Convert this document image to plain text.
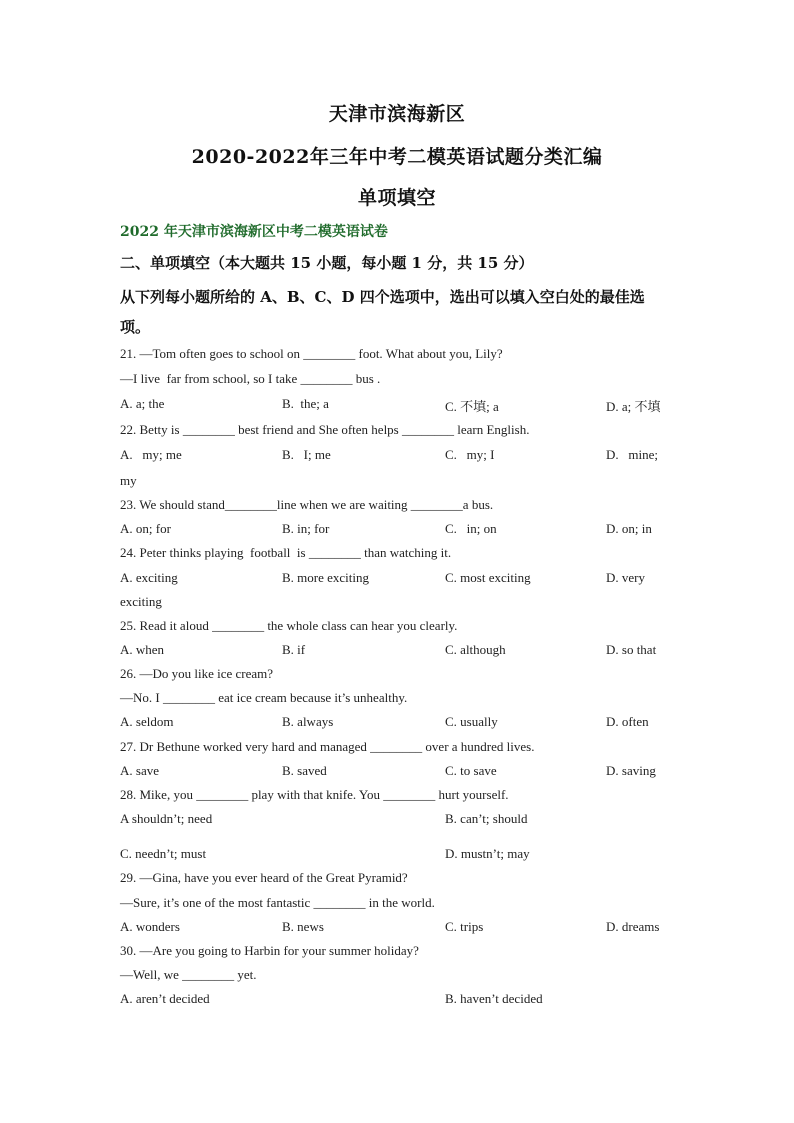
天津市滨海新区
2020-2022年三年中考二模英语试题分类汇编
单项填空
2022 年天津市滨海新区中考二模英语试卷
二、单项填空（本大题共 15 小题，每小题 1 分，共 15 分）
从下列每小题所给的 A、B、C、D 四个选项中，选出可以填入空白处的最佳选
项。
21. —Tom often goes to school on ________ foot. What about you, Lily?
—I live  far from school, so I take ________ bus .
A. a; the	B.  the; a	C. 不填; a	D. a; 不填
22. Betty is ________ best friend and She often helps ________ learn English.
A.   my; me	B.   I; me	C.   my; I	D.   mine;
my
23. We should stand________line when we are waiting ________a bus.
A. on; for	B. in; for	C.   in; on	D. on; in
24. Peter thinks playing  football  is ________ than watching it.
A. exciting	B. more exciting	C. most exciting	D. very
exciting
25. Read it aloud ________ the whole class can hear you clearly.
A. when	B. if	C. although	D. so that
26. —Do you like ice cream?
—No. I ________ eat ice cream because it’s unhealthy.
A. seldom	B. always	C. usually	D. often
27. Dr Bethune worked very hard and managed ________ over a hundred lives.
A. save	B. saved	C. to save	D. saving
28. Mike, you ________ play with that knife. You ________ hurt yourself.
A shouldn’t; need	B. can’t; should
C. needn’t; must	D. mustn’t; may
29. —Gina, have you ever heard of the Great Pyramid?
—Sure, it’s one of the most fantastic ________ in the world.
A. wonders	B. news	C. trips	D. dreams
30. —Are you going to Harbin for your summer holiday?
—Well, we ________ yet.
A. aren’t decided	B. haven’t decided
